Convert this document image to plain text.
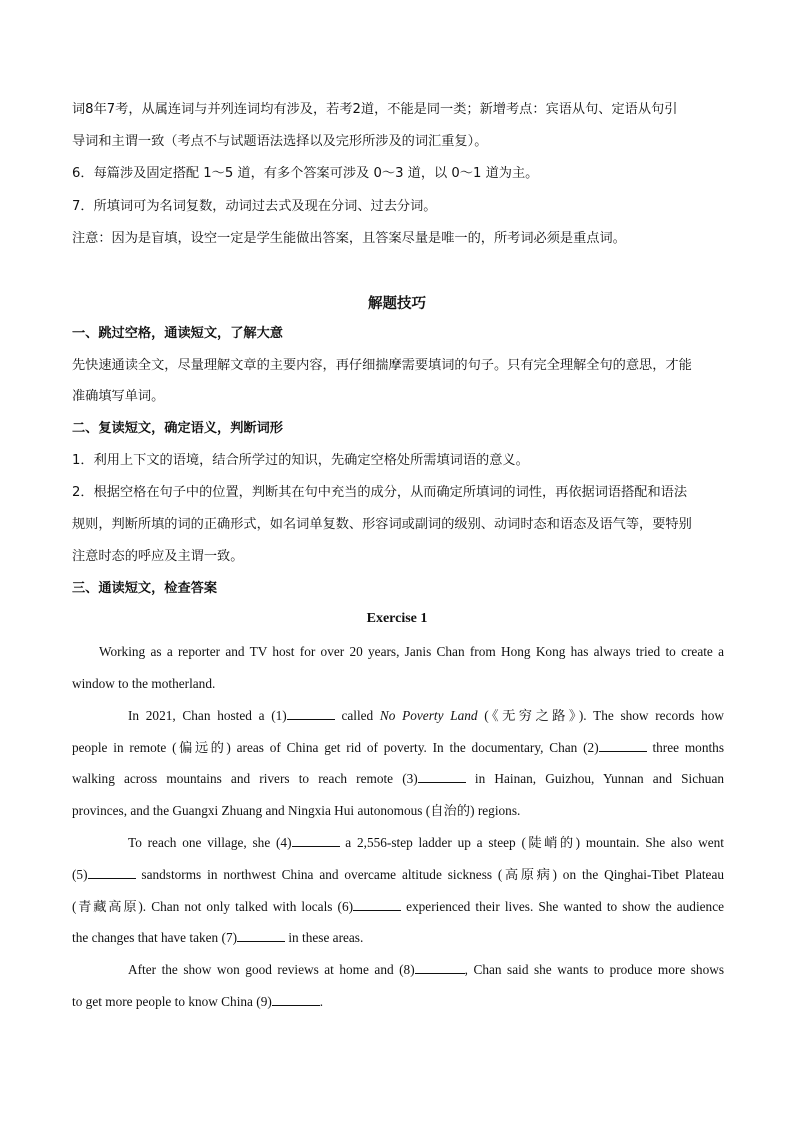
词8年7考，从属连词与并列连词均有涉及，若考2道，不能是同一类；新增考点：宾语从句、定语从句引
导词和主谓一致（考点不与试题语法选择以及完形所涉及的词汇重复）。
6．每篇涉及固定搭配 1～5 道，有多个答案可涉及 0～3 道，以 0～1 道为主。
7．所填词可为名词复数，动词过去式及现在分词、过去分词。
注意：因为是盲填，设空一定是学生能做出答案，且答案尽量是唯一的，所考词必须是重点词。
解题技巧
一、跳过空格，通读短文，了解大意
先快速通读全文，尽量理解文章的主要内容，再仔细揣摩需要填词的句子。只有完全理解全句的意思，才能
准确填写单词。
二、复读短文，确定语义，判断词形
1．利用上下文的语境，结合所学过的知识，先确定空格处所需填词语的意义。
2．根据空格在句子中的位置，判断其在句中充当的成分，从而确定所填词的词性，再依据词语搭配和语法
规则，判断所填的词的正确形式，如名词单复数、形容词或副词的级别、动词时态和语态及语气等，要特别
注意时态的呼应及主谓一致。
三、通读短文，检查答案
Exercise 1
Working as a reporter and TV host for over 20 years, Janis Chan from Hong Kong has always tried to create a
window to the motherland.
In 2021, Chan hosted a (1)	called No Poverty Land (《无穷之路》). The show records how
people in remote (偏远的) areas of China get rid of poverty. In the documentary, Chan (2)	three months
walking across mountains and rivers to reach remote (3)	in Hainan, Guizhou, Yunnan and Sichuan
provinces, and the Guangxi Zhuang and Ningxia Hui autonomous (自治的) regions.
To reach one village, she (4)	a 2,556-step ladder up a steep (陡峭的) mountain. She also went
(5)	sandstorms in northwest China and overcame altitude sickness (高原病) on the Qinghai-Tibet Plateau
(青藏高原). Chan not only talked with locals (6)	experienced their lives. She wanted to show the audience
the changes that have taken (7)	in these areas.
After the show won good reviews at home and (8)	, Chan said she wants to produce more shows
to get more people to know China (9)	.
